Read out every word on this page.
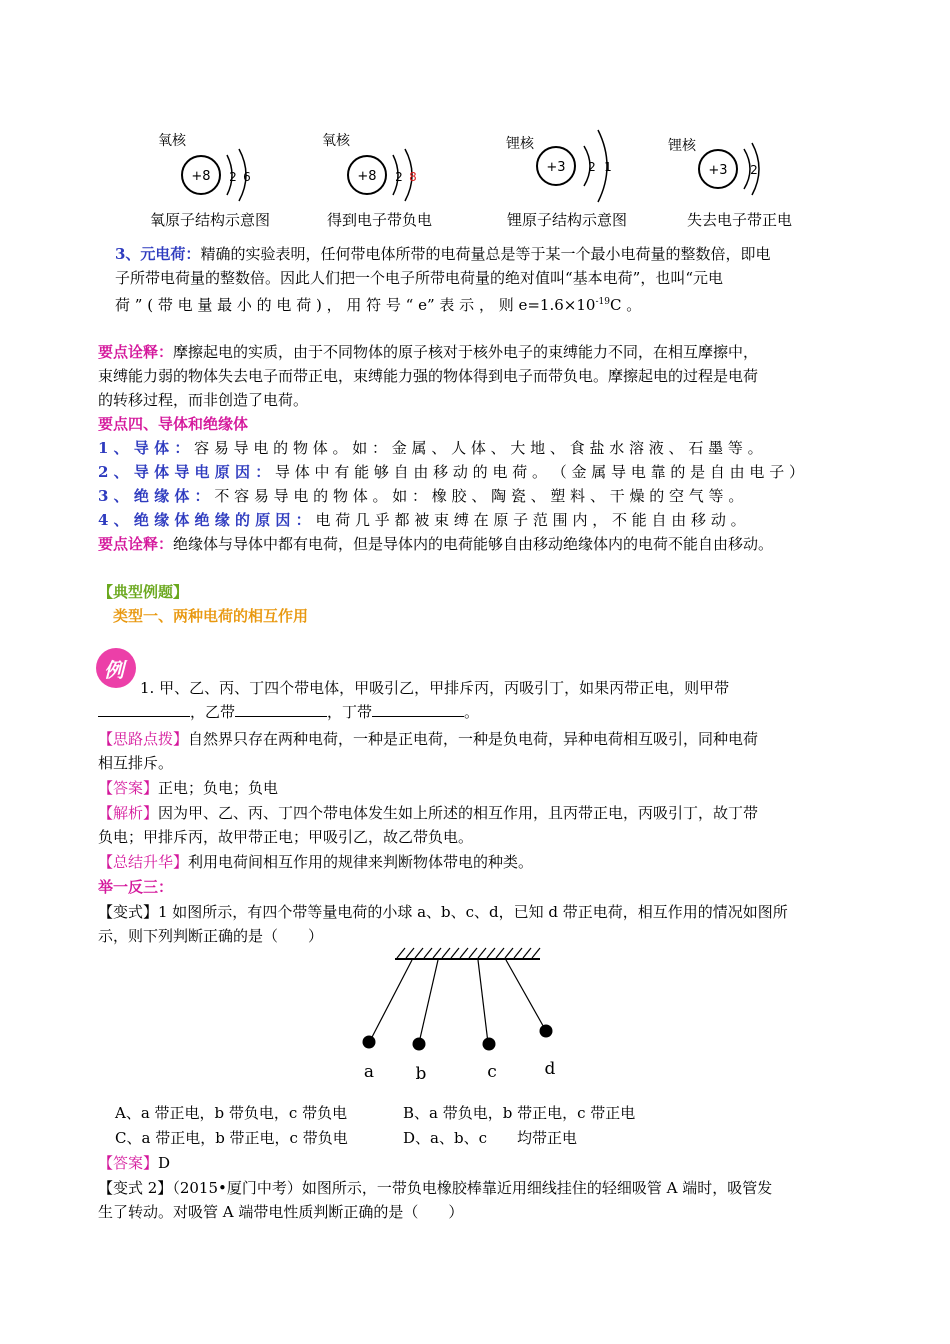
氧核
+8 2 6
氧原子结构示意图
氧核
+8 2 8
得到电子带负电
锂核
+3 2 1
锂原子结构示意图
锂核
+3 2
失去电子带正电
3、元电荷：精确的实验表明，任何带电体所带的电荷量总是等于某一个最小电荷量的整数倍，即电
子所带电荷量的整数倍。因此人们把一个电子所带电荷量的绝对值叫“基本电荷”，也叫“元电
荷 ” ( 带 电 量 最 小 的 电 荷 ) ， 用 符 号 “ e” 表 示 ， 则 $e=1.6\times 10^{-19}C$ 。
要点诠释：摩擦起电的实质，由于不同物体的原子核对于核外电子的束缚能力不同，在相互摩擦中，
束缚能力弱的物体失去电子而带正电，束缚能力强的物体得到电子而带负电。摩擦起电的过程是电荷
的转移过程，而非创造了电荷。
要点四、导体和绝缘体
1 、 导 体 ： 容 易 导 电 的 物 体 。 如 ： 金 属 、 人 体 、 大 地 、 食 盐 水 溶 液 、 石 墨 等 。
2 、 导 体 导 电 原 因 ： 导 体 中 有 能 够 自 由 移 动 的 电 荷 。 （ 金 属 导 电 靠 的 是 自 由 电 子 ）
3 、 绝 缘 体 ： 不 容 易 导 电 的 物 体 。 如 ： 橡 胶 、 陶 瓷 、 塑 料 、 干 燥 的 空 气 等 。
4 、 绝 缘 体 绝 缘 的 原 因 ： 电 荷 几 乎 都 被 束 缚 在 原 子 范 围 内 ， 不 能 自 由 移 动 。
要点诠释：绝缘体与导体中都有电荷，但是导体内的电荷能够自由移动绝缘体内的电荷不能自由移动。
【典型例题】
类型一、两种电荷的相互作用
例
1. 甲、乙、丙、丁四个带电体，甲吸引乙，甲排斥丙，丙吸引丁，如果丙带正电，则甲带
，乙带	，丁带	。
【思路点拨】自然界只存在两种电荷，一种是正电荷，一种是负电荷，异种电荷相互吸引，同种电荷
相互排斥。
【答案】正电；负电；负电
【解析】因为甲、乙、丙、丁四个带电体发生如上所述的相互作用，且丙带正电，丙吸引丁，故丁带
负电；甲排斥丙，故甲带正电；甲吸引乙，故乙带负电。
【总结升华】利用电荷间相互作用的规律来判断物体带电的种类。
举一反三：
【变式】1 如图所示，有四个带等量电荷的小球 a、b、c、d，已知 d 带正电荷，相互作用的情况如图所
示，则下列判断正确的是（　　）
a b	c	d
A、a 带正电，b 带负电，c 带负电	B、a 带负电，b 带正电，c 带正电
C、a 带正电，b 带正电，c 带负电	D、a、b、c　　均带正电
【答案】D
【变式 2】（2015•厦门中考）如图所示，一带负电橡胶棒靠近用细线挂住的轻细吸管 A 端时，吸管发
生了转动。对吸管 A 端带电性质判断正确的是（　　）
